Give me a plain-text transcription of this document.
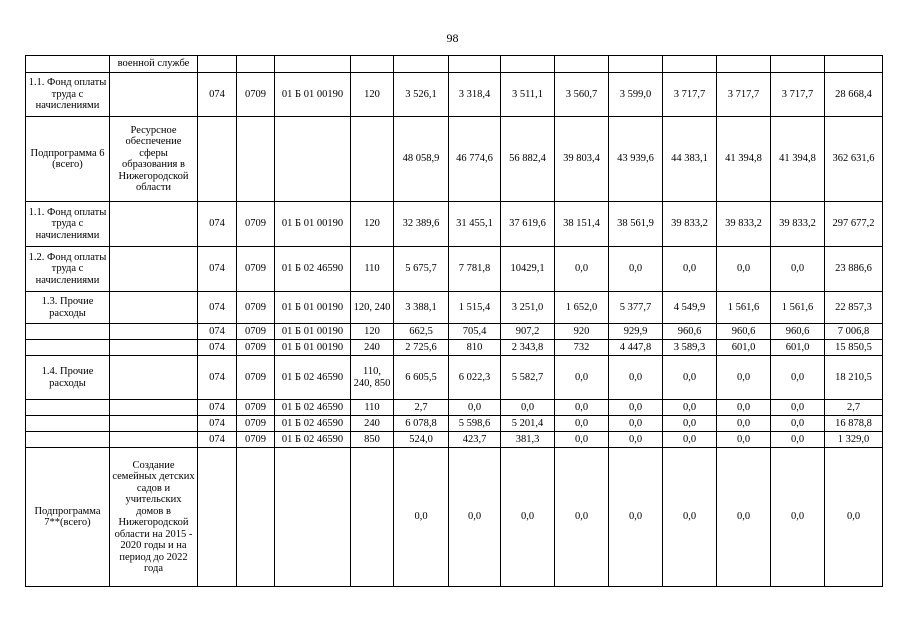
98
	военной службе													
1.1. Фонд оплаты труда с начислениями		074	0709	01 Б 01 00190	120	3 526,1	3 318,4	3 511,1	3 560,7	3 599,0	3 717,7	3 717,7	3 717,7	28 668,4
Подпрограмма 6 (всего)	Ресурсное обеспечение сферы образования в Нижегородской области					48 058,9	46 774,6	56 882,4	39 803,4	43 939,6	44 383,1	41 394,8	41 394,8	362 631,6
1.1. Фонд оплаты труда с начислениями		074	0709	01 Б 01 00190	120	32 389,6	31 455,1	37 619,6	38 151,4	38 561,9	39 833,2	39 833,2	39 833,2	297 677,2
1.2. Фонд оплаты труда с начислениями		074	0709	01 Б 02 46590	110	5 675,7	7 781,8	10429,1	0,0	0,0	0,0	0,0	0,0	23 886,6
1.3. Прочие расходы		074	0709	01 Б 01 00190	120, 240	3 388,1	1 515,4	3 251,0	1 652,0	5 377,7	4 549,9	1 561,6	1 561,6	22 857,3
		074	0709	01 Б 01 00190	120	662,5	705,4	907,2	920	929,9	960,6	960,6	960,6	7 006,8
		074	0709	01 Б 01 00190	240	2 725,6	810	2 343,8	732	4 447,8	3 589,3	601,0	601,0	15 850,5
1.4. Прочие расходы		074	0709	01 Б 02 46590	110, 240, 850	6 605,5	6 022,3	5 582,7	0,0	0,0	0,0	0,0	0,0	18 210,5
		074	0709	01 Б 02 46590	110	2,7	0,0	0,0	0,0	0,0	0,0	0,0	0,0	2,7
		074	0709	01 Б 02 46590	240	6 078,8	5 598,6	5 201,4	0,0	0,0	0,0	0,0	0,0	16 878,8
		074	0709	01 Б 02 46590	850	524,0	423,7	381,3	0,0	0,0	0,0	0,0	0,0	1 329,0
Подпрограмма 7**(всего)	Создание семейных детских садов и учительских домов в Нижегородской области на 2015 - 2020 годы и на период до 2022 года					0,0	0,0	0,0	0,0	0,0	0,0	0,0	0,0	0,0
